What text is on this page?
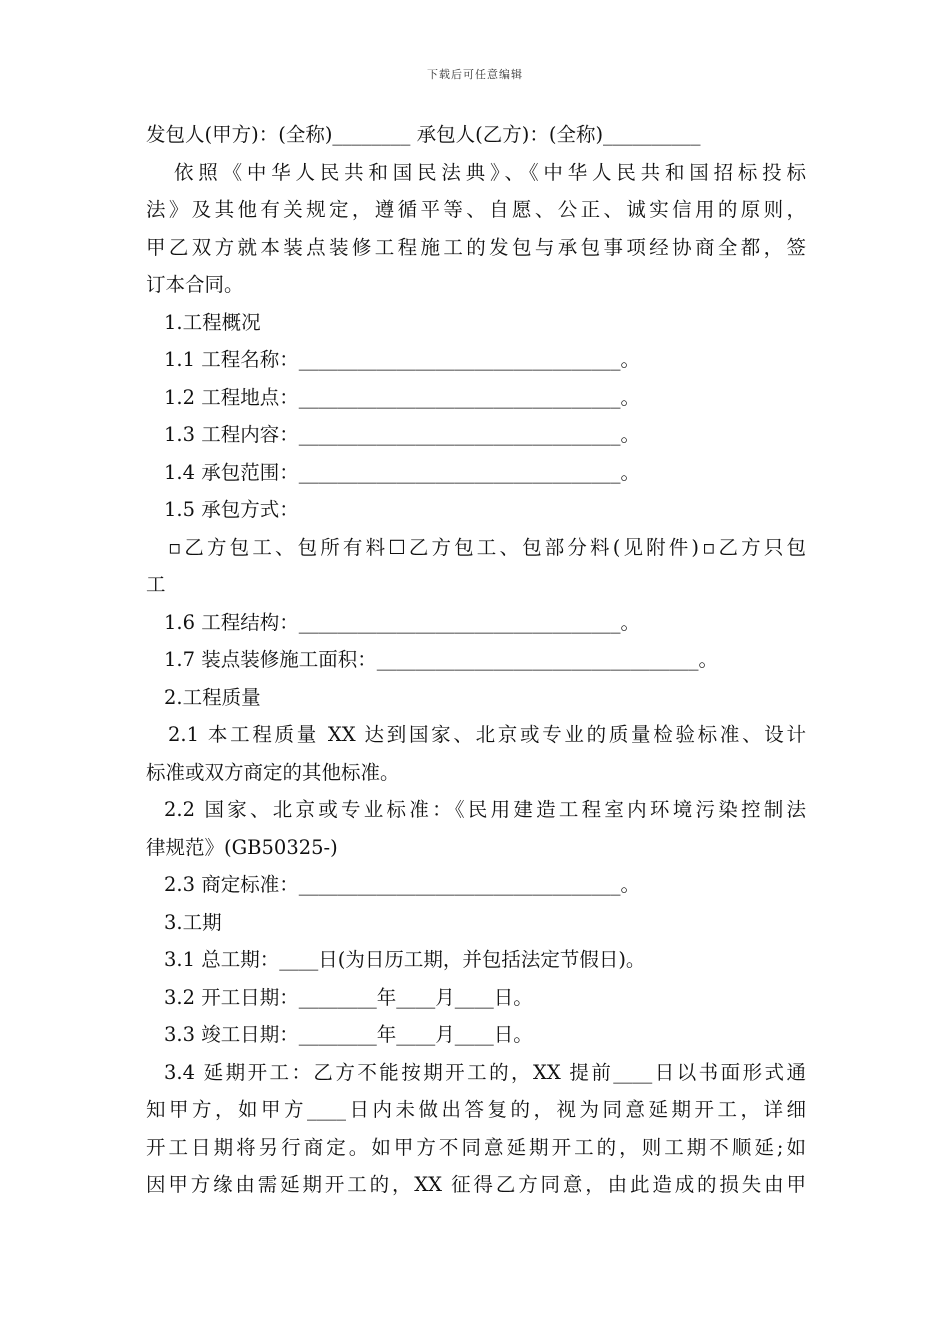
下载后可任意编辑
发包人(甲方)：(全称)________ 承包人(乙方)：(全称)__________
依照《中华人民共和国民法典》、《中华人民共和国招标投标
法》及其他有关规定，遵循平等、自愿、公正、诚实信用的原则，
甲乙双方就本装点装修工程施工的发包与承包事项经协商全都，签
订本合同。
1.工程概况
1.1 工程名称：_________________________________。
1.2 工程地点：_________________________________。
1.3 工程内容：_________________________________。
1.4 承包范围：_________________________________。
1.5 承包方式：
▫乙方包工、包所有料☐乙方包工、包部分料(见附件)▫乙方只包
工
1.6 工程结构：_________________________________。
1.7 装点装修施工面积：_________________________________。
2.工程质量
2.1 本工程质量 XX 达到国家、北京或专业的质量检验标准、设计
标准或双方商定的其他标准。
2.2 国家、北京或专业标准：《民用建造工程室内环境污染控制法
律规范》(GB50325-)
2.3 商定标准：_________________________________。
3.工期
3.1 总工期：____日(为日历工期，并包括法定节假日)。
3.2 开工日期：________年____月____日。
3.3 竣工日期：________年____月____日。
3.4 延期开工：乙方不能按期开工的，XX 提前____日以书面形式通
知甲方，如甲方____日内未做出答复的，视为同意延期开工，详细
开工日期将另行商定。如甲方不同意延期开工的，则工期不顺延;如
因甲方缘由需延期开工的，XX 征得乙方同意，由此造成的损失由甲
